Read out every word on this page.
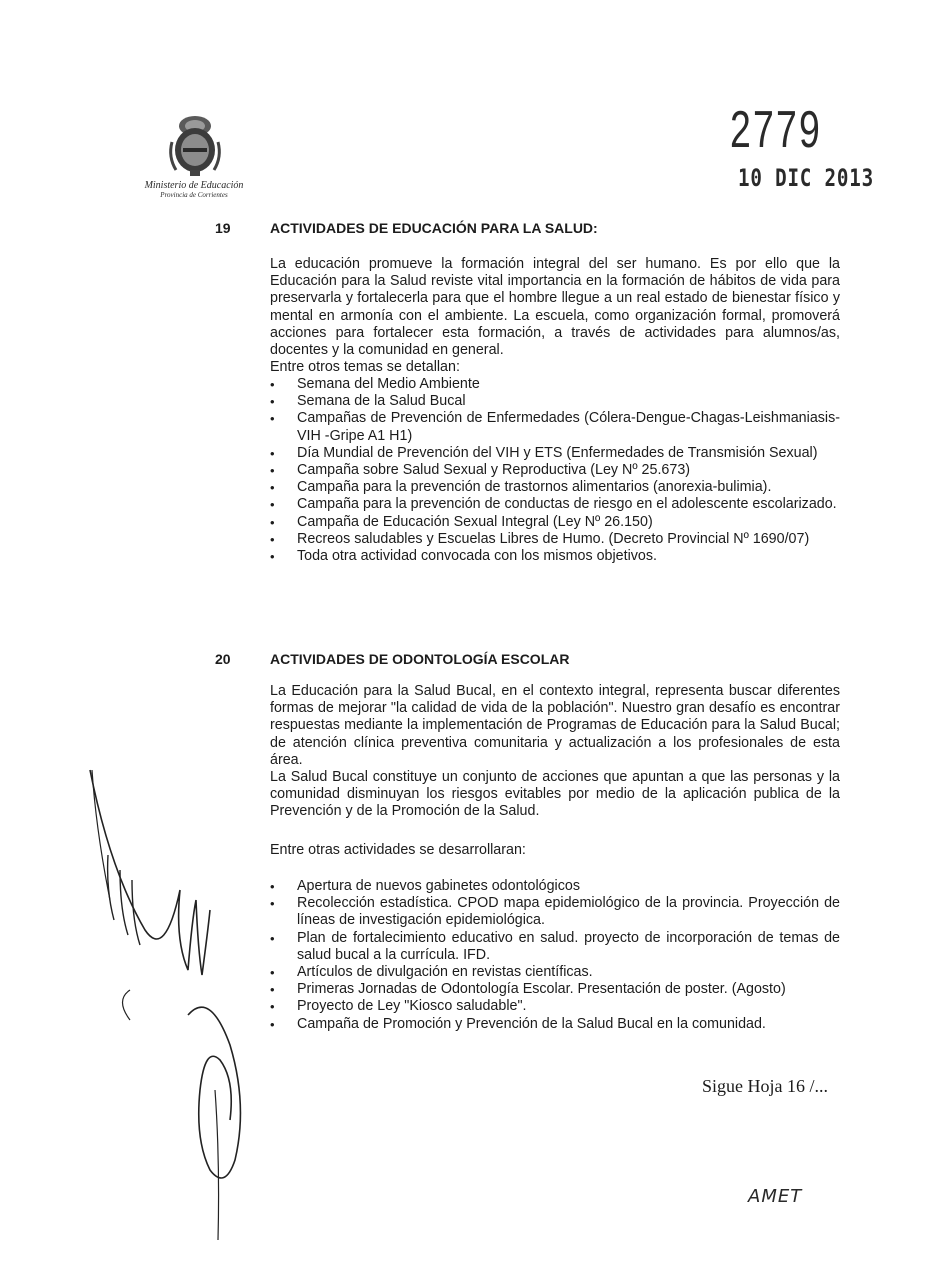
Ministerio de Educación
Provincia de Corrientes
2779
10 DIC 2013
19	ACTIVIDADES DE EDUCACIÓN PARA LA SALUD:

La educación promueve la formación integral del ser humano. Es por ello que la Educación para la Salud reviste vital importancia en la formación de hábitos de vida para preservarla y fortalecerla para que el hombre llegue a un real estado de bienestar físico y mental en armonía con el ambiente. La escuela, como organización formal, promoverá acciones para fortalecer esta formación, a través de actividades para alumnos/as, docentes y la comunidad en general.

Entre otros temas se detallan:

• Semana del Medio Ambiente
• Semana de la Salud Bucal
• Campañas de Prevención de Enfermedades (Cólera-Dengue-Chagas-Leishmaniasis-VIH -Gripe A1 H1)
• Día Mundial de Prevención del VIH y ETS (Enfermedades de Transmisión Sexual)
• Campaña sobre Salud Sexual y Reproductiva (Ley Nº 25.673)
• Campaña para la prevención de trastornos alimentarios (anorexia-bulimia).
• Campaña para la prevención de conductas de riesgo en el adolescente escolarizado.
• Campaña de Educación Sexual Integral (Ley Nº 26.150)
• Recreos saludables y Escuelas Libres de Humo. (Decreto Provincial Nº 1690/07)
• Toda otra actividad convocada con los mismos objetivos.
20	ACTIVIDADES DE ODONTOLOGÍA ESCOLAR

La Educación para la Salud Bucal, en el contexto integral, representa buscar diferentes formas de mejorar "la calidad de vida de la población". Nuestro gran desafío es encontrar respuestas mediante la implementación de Programas de Educación para la Salud Bucal; de atención clínica preventiva comunitaria y actualización a los profesionales de esta área.

La Salud Bucal constituye un conjunto de acciones que apuntan a que las personas y la comunidad disminuyan los riesgos evitables por medio de la aplicación publica de la Prevención y de la Promoción de la Salud.

Entre otras actividades se desarrollaran:
• Apertura de nuevos gabinetes odontológicos
• Recolección estadística. CPOD mapa epidemiológico de la provincia. Proyección de líneas de investigación epidemiológica.
• Plan de fortalecimiento educativo en salud. proyecto de incorporación de temas de salud bucal a la currícula. IFD.
• Artículos de divulgación en revistas científicas.
• Primeras Jornadas de Odontología Escolar. Presentación de poster. (Agosto)
• Proyecto de Ley "Kiosco saludable".
• Campaña de Promoción y Prevención de la Salud Bucal en la comunidad.
Sigue Hoja 16 /...
AMET
